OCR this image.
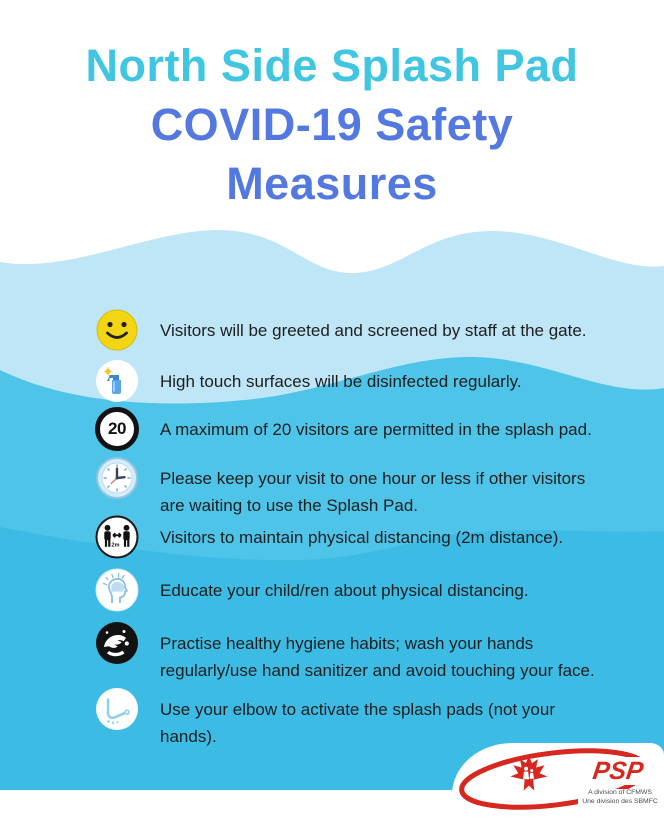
North Side Splash Pad
COVID-19 Safety
Measures
Visitors will be greeted and screened by staff at the gate.
High touch surfaces will be disinfected regularly.
20 A maximum of 20 visitors are permitted in the splash pad.
Please keep your visit to one hour or less if other visitors
are waiting to use the Splash Pad.
2m Visitors to maintain physical distancing (2m distance).
Educate your child/ren about physical distancing.
Practise healthy hygiene habits; wash your hands
regularly/use hand sanitizer and avoid touching your face.
Use your elbow to activate the splash pads (not your
hands).
PSP
A division of CFMWS
Une division des SBMFC
